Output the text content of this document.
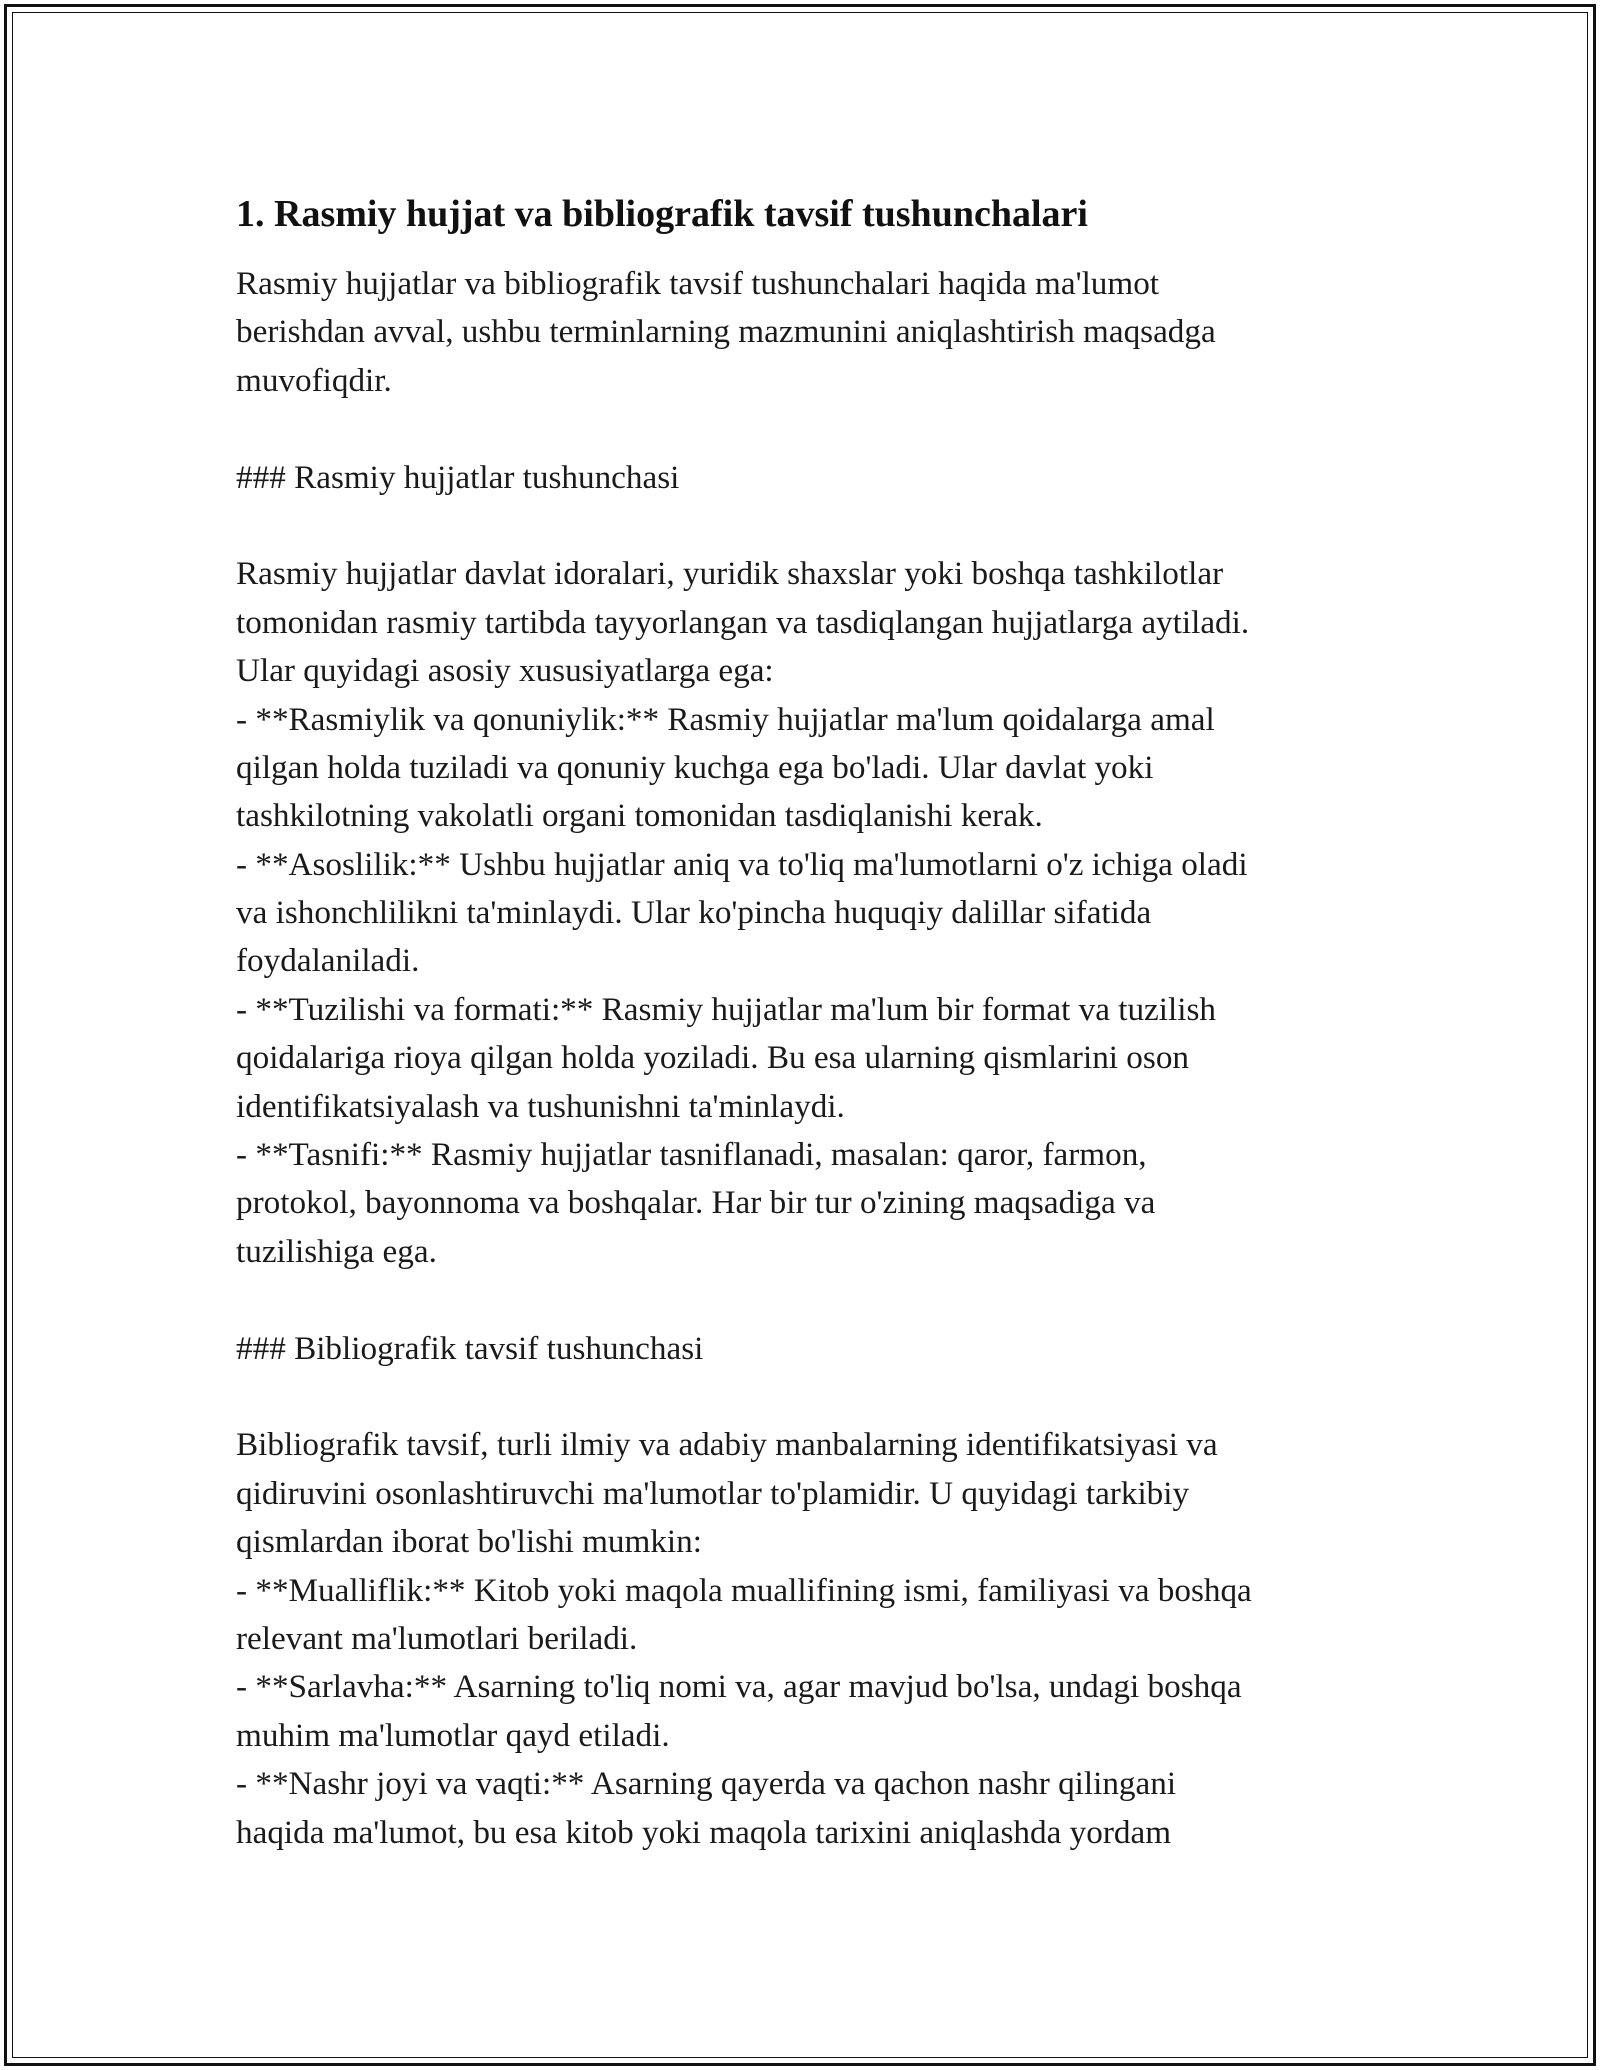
1. Rasmiy hujjat va bibliografik tavsif tushunchalari
Rasmiy hujjatlar va bibliografik tavsif tushunchalari haqida ma'lumot
berishdan avval, ushbu terminlarning mazmunini aniqlashtirish maqsadga
muvofiqdir.
### Rasmiy hujjatlar tushunchasi
Rasmiy hujjatlar davlat idoralari, yuridik shaxslar yoki boshqa tashkilotlar
tomonidan rasmiy tartibda tayyorlangan va tasdiqlangan hujjatlarga aytiladi.
Ular quyidagi asosiy xususiyatlarga ega:
- **Rasmiylik va qonuniylik:** Rasmiy hujjatlar ma'lum qoidalarga amal
qilgan holda tuziladi va qonuniy kuchga ega bo'ladi. Ular davlat yoki
tashkilotning vakolatli organi tomonidan tasdiqlanishi kerak.
- **Asoslilik:** Ushbu hujjatlar aniq va to'liq ma'lumotlarni o'z ichiga oladi
va ishonchlilikni ta'minlaydi. Ular ko'pincha huquqiy dalillar sifatida
foydalaniladi.
- **Tuzilishi va formati:** Rasmiy hujjatlar ma'lum bir format va tuzilish
qoidalariga rioya qilgan holda yoziladi. Bu esa ularning qismlarini oson
identifikatsiyalash va tushunishni ta'minlaydi.
- **Tasnifi:** Rasmiy hujjatlar tasniflanadi, masalan: qaror, farmon,
protokol, bayonnoma va boshqalar. Har bir tur o'zining maqsadiga va
tuzilishiga ega.
### Bibliografik tavsif tushunchasi
Bibliografik tavsif, turli ilmiy va adabiy manbalarning identifikatsiyasi va
qidiruvini osonlashtiruvchi ma'lumotlar to'plamidir. U quyidagi tarkibiy
qismlardan iborat bo'lishi mumkin:
- **Mualliflik:** Kitob yoki maqola muallifining ismi, familiyasi va boshqa
relevant ma'lumotlari beriladi.
- **Sarlavha:** Asarning to'liq nomi va, agar mavjud bo'lsa, undagi boshqa
muhim ma'lumotlar qayd etiladi.
- **Nashr joyi va vaqti:** Asarning qayerda va qachon nashr qilingani
haqida ma'lumot, bu esa kitob yoki maqola tarixini aniqlashda yordam
